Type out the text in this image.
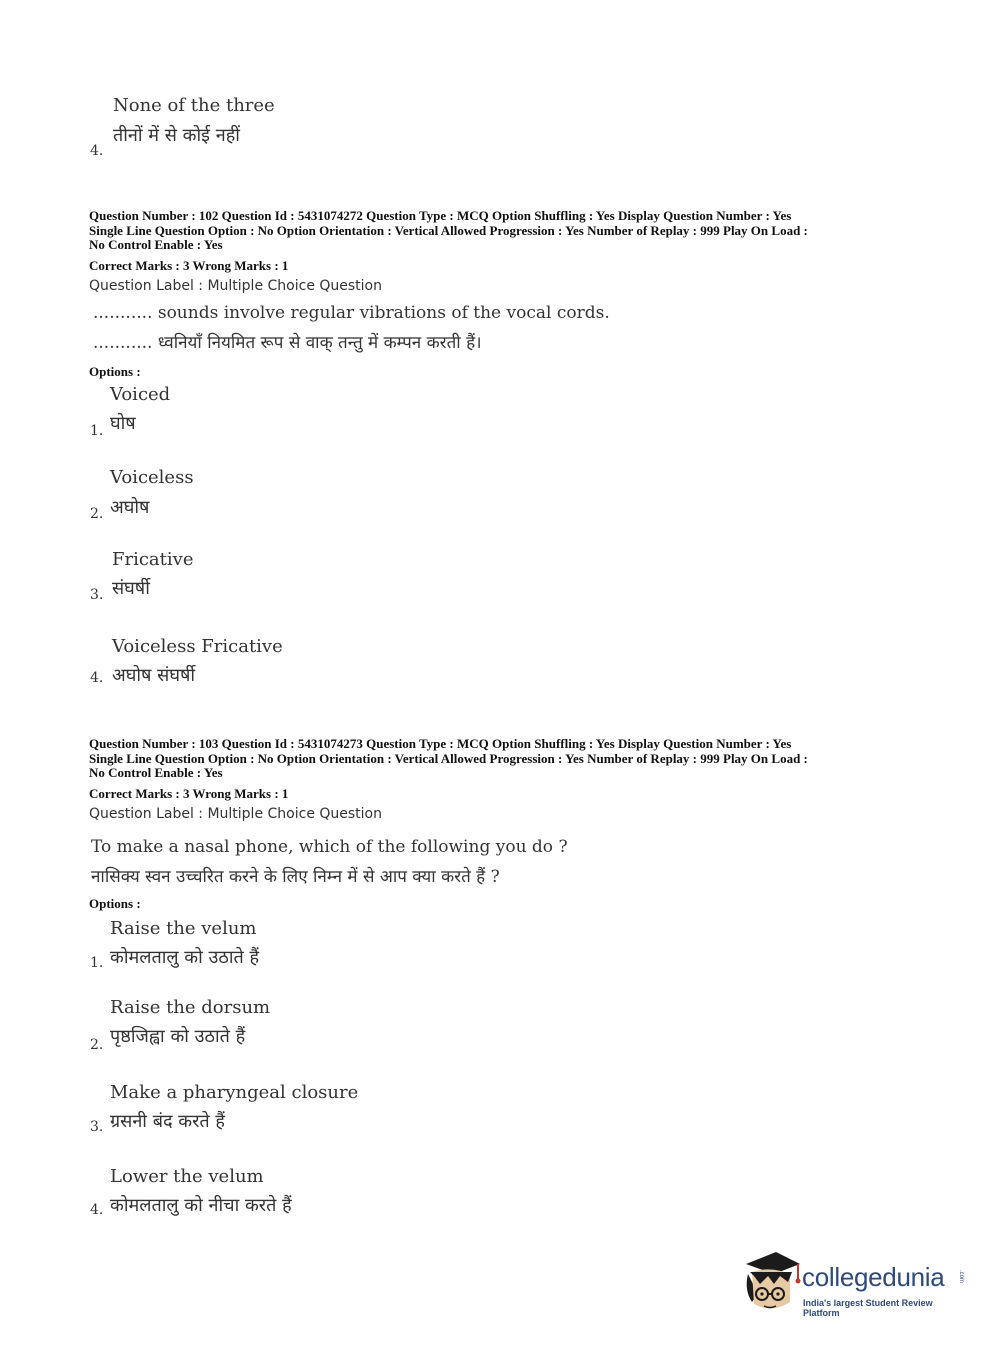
None of the three
तीनों में से कोई नहीं
4.
Question Number : 102 Question Id : 5431074272 Question Type : MCQ Option Shuffling : Yes Display Question Number : Yes
Single Line Question Option : No Option Orientation : Vertical Allowed Progression : Yes Number of Replay : 999 Play On Load :
No Control Enable : Yes
Correct Marks : 3 Wrong Marks : 1
Question Label : Multiple Choice Question
........... sounds involve regular vibrations of the vocal cords.
........... ध्वनियाँ नियमित रूप से वाक् तन्तु में कम्पन करती हैं।
Options :
Voiced
घोष
1.
Voiceless
अघोष
2.
Fricative
संघर्षी
3.
Voiceless Fricative
अघोष संघर्षी
4.
Question Number : 103 Question Id : 5431074273 Question Type : MCQ Option Shuffling : Yes Display Question Number : Yes
Single Line Question Option : No Option Orientation : Vertical Allowed Progression : Yes Number of Replay : 999 Play On Load :
No Control Enable : Yes
Correct Marks : 3 Wrong Marks : 1
Question Label : Multiple Choice Question
To make a nasal phone, which of the following you do ?
नासिक्य स्वन उच्चरित करने के लिए निम्न में से आप क्या करते हैं ?
Options :
Raise the velum
कोमलतालु को उठाते हैं
1.
Raise the dorsum
पृष्ठजिह्वा को उठाते हैं
2.
Make a pharyngeal closure
ग्रसनी बंद करते हैं
3.
Lower the velum
कोमलतालु को नीचा करते हैं
4.
collegedunia .com
India's largest Student Review Platform
